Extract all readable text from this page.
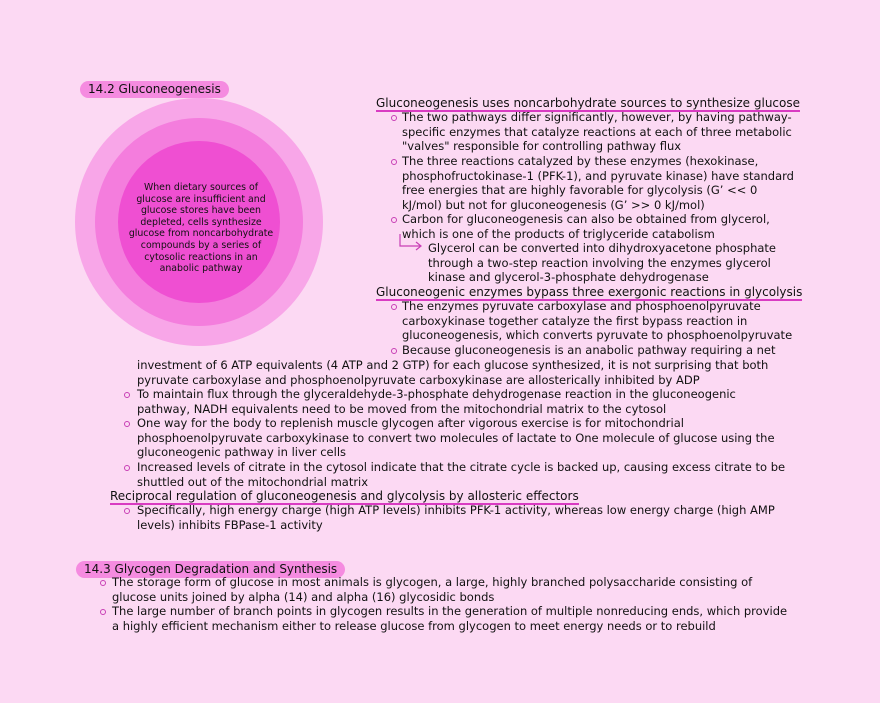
14.2 Gluconeogenesis
When dietary sources of glucose are insufficient and glucose stores have been depleted, cells synthesize glucose from noncarbohydrate compounds by a series of cytosolic reactions in an anabolic pathway
Gluconeogenesis uses noncarbohydrate sources to synthesize glucose
The two pathways differ significantly, however, by having pathway-specific enzymes that catalyze reactions at each of three metabolic "valves" responsible for controlling pathway flux
The three reactions catalyzed by these enzymes (hexokinase, phosphofructokinase-1 (PFK-1), and pyruvate kinase) have standard free energies that are highly favorable for glycolysis (G’ << 0 kJ/mol) but not for gluconeogenesis (G’ >> 0 kJ/mol)
Carbon for gluconeogenesis can also be obtained from glycerol, which is one of the products of triglyceride catabolism
Glycerol can be converted into dihydroxyacetone phosphate through a two-step reaction involving the enzymes glycerol kinase and glycerol-3-phosphate dehydrogenase
Gluconeogenic enzymes bypass three exergonic reactions in glycolysis
The enzymes pyruvate carboxylase and phosphoenolpyruvate carboxykinase together catalyze the first bypass reaction in gluconeogenesis, which converts pyruvate to phosphoenolpyruvate
Because gluconeogenesis is an anabolic pathway requiring a net
investment of 6 ATP equivalents (4 ATP and 2 GTP) for each glucose synthesized, it is not surprising that both pyruvate carboxylase and phosphoenolpyruvate carboxykinase are allosterically inhibited by ADP
To maintain flux through the glyceraldehyde-3-phosphate dehydrogenase reaction in the gluconeogenic pathway, NADH equivalents need to be moved from the mitochondrial matrix to the cytosol
One way for the body to replenish muscle glycogen after vigorous exercise is for mitochondrial phosphoenolpyruvate carboxykinase to convert two molecules of lactate to One molecule of glucose using the gluconeogenic pathway in liver cells
Increased levels of citrate in the cytosol indicate that the citrate cycle is backed up, causing excess citrate to be shuttled out of the mitochondrial matrix
Reciprocal regulation of gluconeogenesis and glycolysis by allosteric effectors
Specifically, high energy charge (high ATP levels) inhibits PFK-1 activity, whereas low energy charge (high AMP levels) inhibits FBPase-1 activity
14.3 Glycogen Degradation and Synthesis
The storage form of glucose in most animals is glycogen, a large, highly branched polysaccharide consisting of glucose units joined by alpha (14) and alpha (16) glycosidic bonds
The large number of branch points in glycogen results in the generation of multiple nonreducing ends, which provide a highly efficient mechanism either to release glucose from glycogen to meet energy needs or to rebuild
